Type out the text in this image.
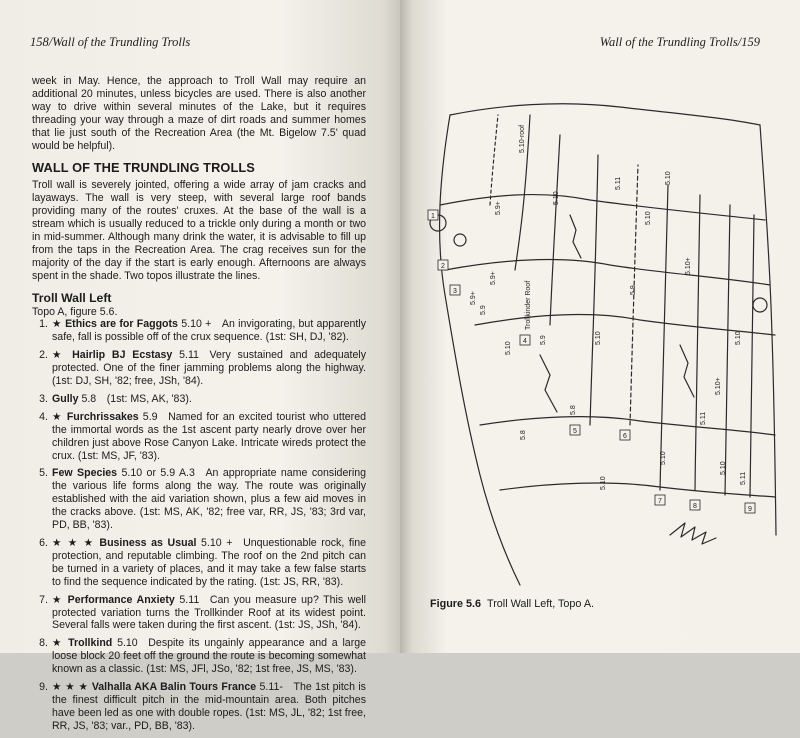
158/Wall of the Trundling Trolls

week in May. Hence, the approach to Troll Wall may require an additional 20 minutes, unless bicycles are used. There is also another way to drive within several minutes of the Lake, but it requires threading your way through a maze of dirt roads and summer homes that lie just south of the Recreation Area (the Mt. Bigelow 7.5' quad would be helpful).

WALL OF THE TRUNDLING TROLLS

Troll wall is severely jointed, offering a wide array of jam cracks and layaways. The wall is very steep, with several large roof bands providing many of the routes' cruxes. At the base of the wall is a stream which is usually reduced to a trickle only during a month or two in mid-summer. Although many drink the water, it is advisable to fill up from the taps in the Recreation Area. The crag receives sun for the majority of the day if the start is early enough. Afternoons are always spent in the shade. Two topos illustrate the lines.

Troll Wall Left

Topo A, figure 5.6.

1. ★ Ethics are for Faggots 5.10 +  An invigorating, but apparently safe, fall is possible off of the crux sequence. (1st: SH, DJ, '82).
2. ★ Hairlip BJ Ecstasy 5.11  Very sustained and adequately protected. One of the finer jamming problems along the highway. (1st: DJ, SH, '82; free, JSh, '84).
3. Gully 5.8  (1st: MS, AK, '83).
4. ★ Furchrissakes 5.9  Named for an excited tourist who uttered the immortal words as the 1st ascent party nearly drove over her children just above Rose Canyon Lake. Intricate wireds protect the crux. (1st: MS, JF, '83).
5. Few Species 5.10 or 5.9 A.3  An appropriate name considering the various life forms along the way. The route was originally established with the aid variation shown, plus a few aid moves in the cracks above. (1st: MS, AK, '82; free var, RR, JS, '83; 3rd var, PD, BB, '83).
6. ★ ★ ★ Business as Usual 5.10 +  Unquestionable rock, fine protection, and reputable climbing. The roof on the 2nd pitch can be turned in a variety of places, and it may take a few false starts to find the sequence indicated by the rating. (1st: JS, RR, '83).
7. ★ Performance Anxiety 5.11  Can you measure up? This well protected variation turns the Trollkinder Roof at its widest point. Several falls were taken during the first ascent. (1st: JS, JSh, '84).
8. ★ Trollkind 5.10  Despite its ungainly appearance and a large loose block 20 feet off the ground the route is becoming somewhat known as a classic. (1st: MS, JFl, JSo, '82; 1st free, JS, MS, '83).
9. ★ ★ ★ Valhalla AKA Balin Tours France 5.11-  The 1st pitch is the finest difficult pitch in the mid-mountain area. Both pitches have been led as one with double ropes. (1st: MS, JL, '82; 1st free, RR, JS, '83; var., PD, BB, '83).
Wall of the Trundling Trolls/159
5.10-roof
5.9+
5.10
5.11
5.10+
5.10
5.10
5.9
5.9+
5.8
5.10+
5.10
5.9
5.10
5.11
5.10
5.8
5.9
5.10
5.9+
5.10
5.11
Trollkinder Roof
5.10
1
2
3
4
5
6
7
8	9
Figure 5.6 Troll Wall Left, Topo A.
